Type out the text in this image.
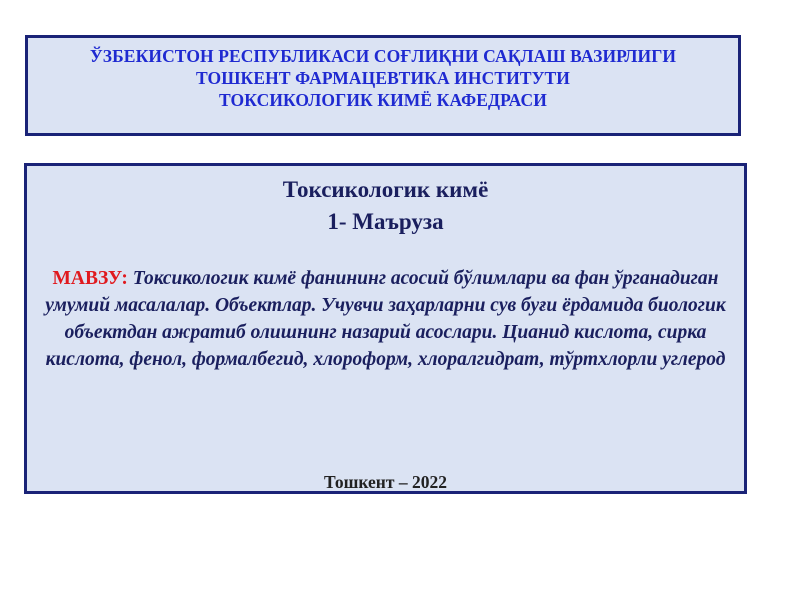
ЎЗБЕКИСТОН РЕСПУБЛИКАСИ СОҒЛИҚНИ САҚЛАШ ВАЗИРЛИГИ
ТОШКЕНТ ФАРМАЦЕВТИКА ИНСТИТУТИ
ТОКСИКОЛОГИК КИМЁ КАФЕДРАСИ
Токсикологик кимё
1- Маъруза
МАВЗУ: Токсикологик кимё фанининг асосий бўлимлари ва фан ўрганадиган умумий масалалар. Объектлар. Учувчи заҳарларни сув буғи ёрдамида биологик объектдан ажратиб олишнинг назарий асослари. Цианид кислота, сирка кислота, фенол, формалбегид, хлороформ, хлоралгидрат, тўртхлорли углерод
Тошкент – 2022
